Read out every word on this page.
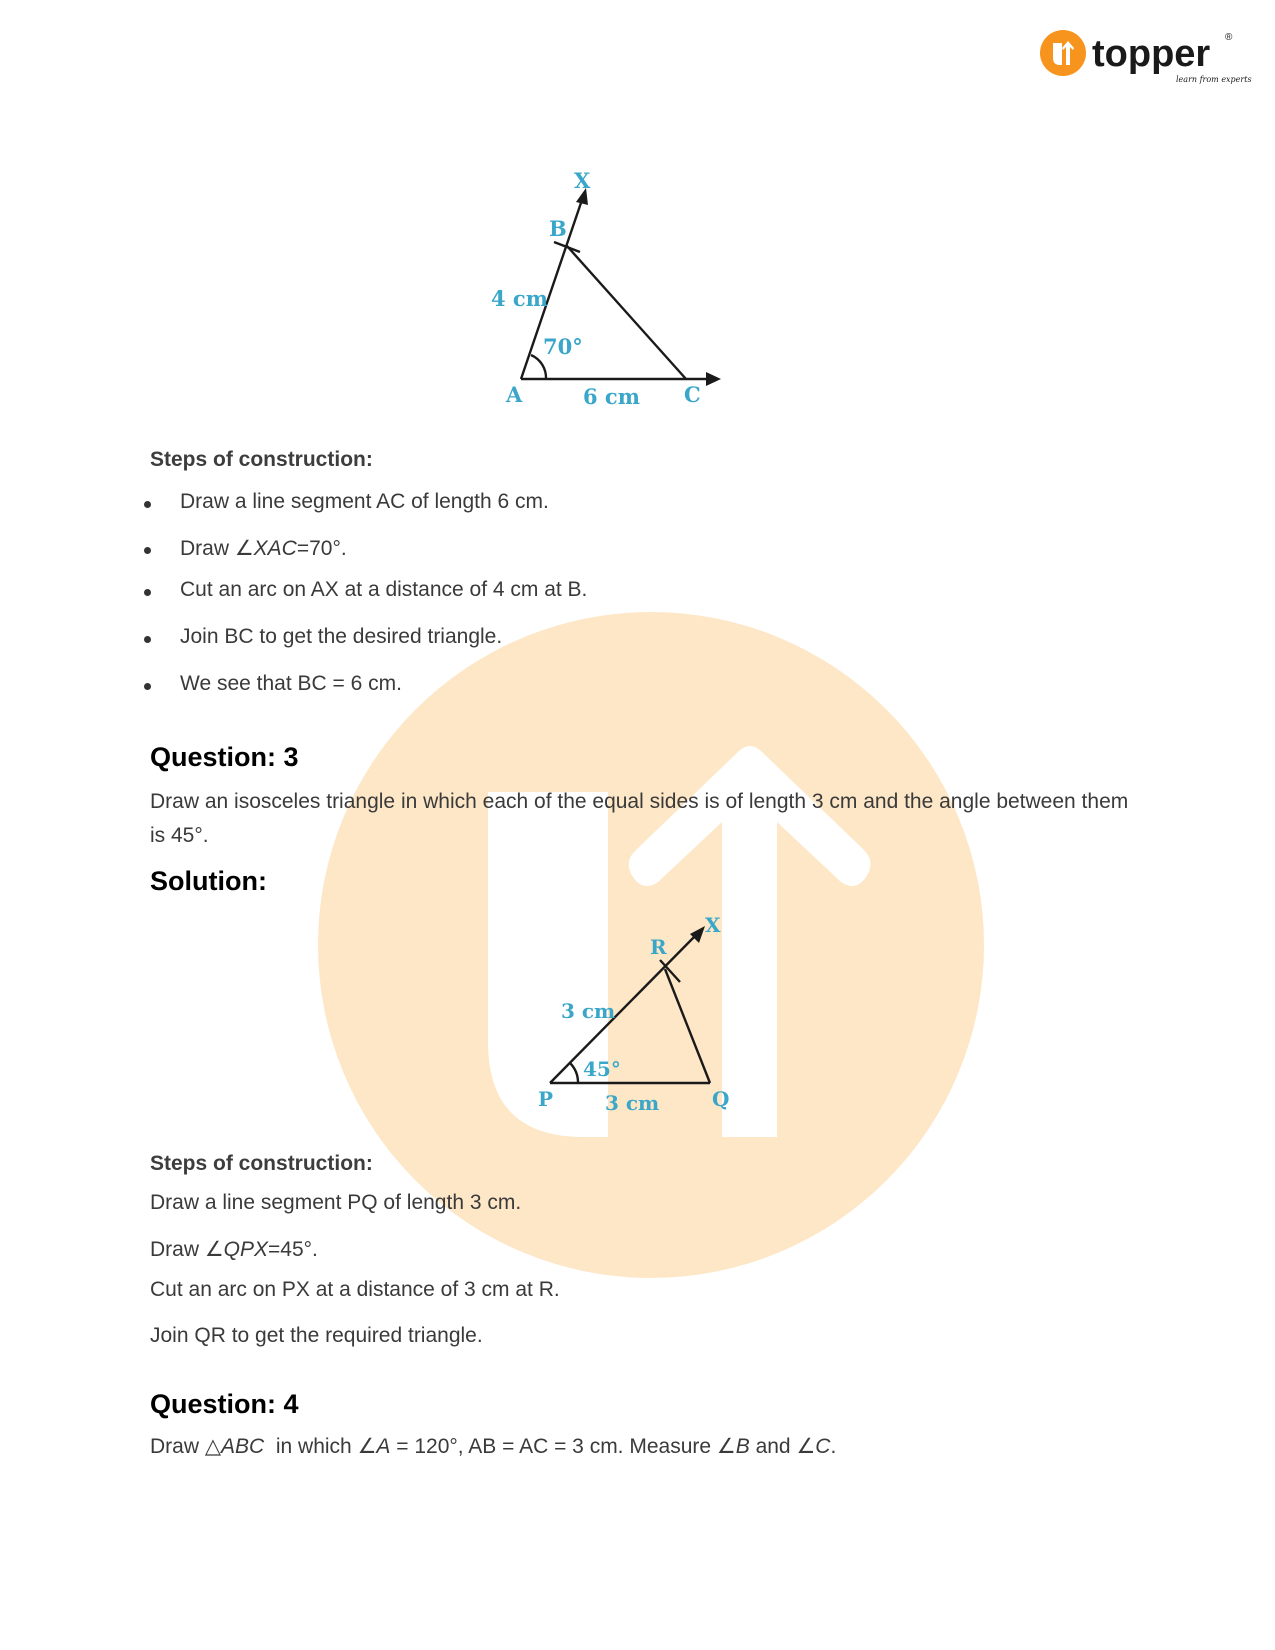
topper ®
learn from experts
X
B
4 cm
70°
A	6 cm C
Steps of construction:
Draw a line segment AC of length 6 cm.
Draw ∠XAC=70°.
Cut an arc on AX at a distance of 4 cm at B.
Join BC to get the desired triangle.
We see that BC = 6 cm.
Question: 3
Draw an isosceles triangle in which each of the equal sides is of length 3 cm and the angle between them is 45°.
Solution:
X
R
3 cm
45°
P	3 cm	Q
Steps of construction:
Draw a line segment PQ of length 3 cm.
Draw ∠QPX=45°.
Cut an arc on PX at a distance of 3 cm at R.
Join QR to get the required triangle.
Question: 4
Draw △ABC  in which ∠A = 120°, AB = AC = 3 cm. Measure ∠B and ∠C.
